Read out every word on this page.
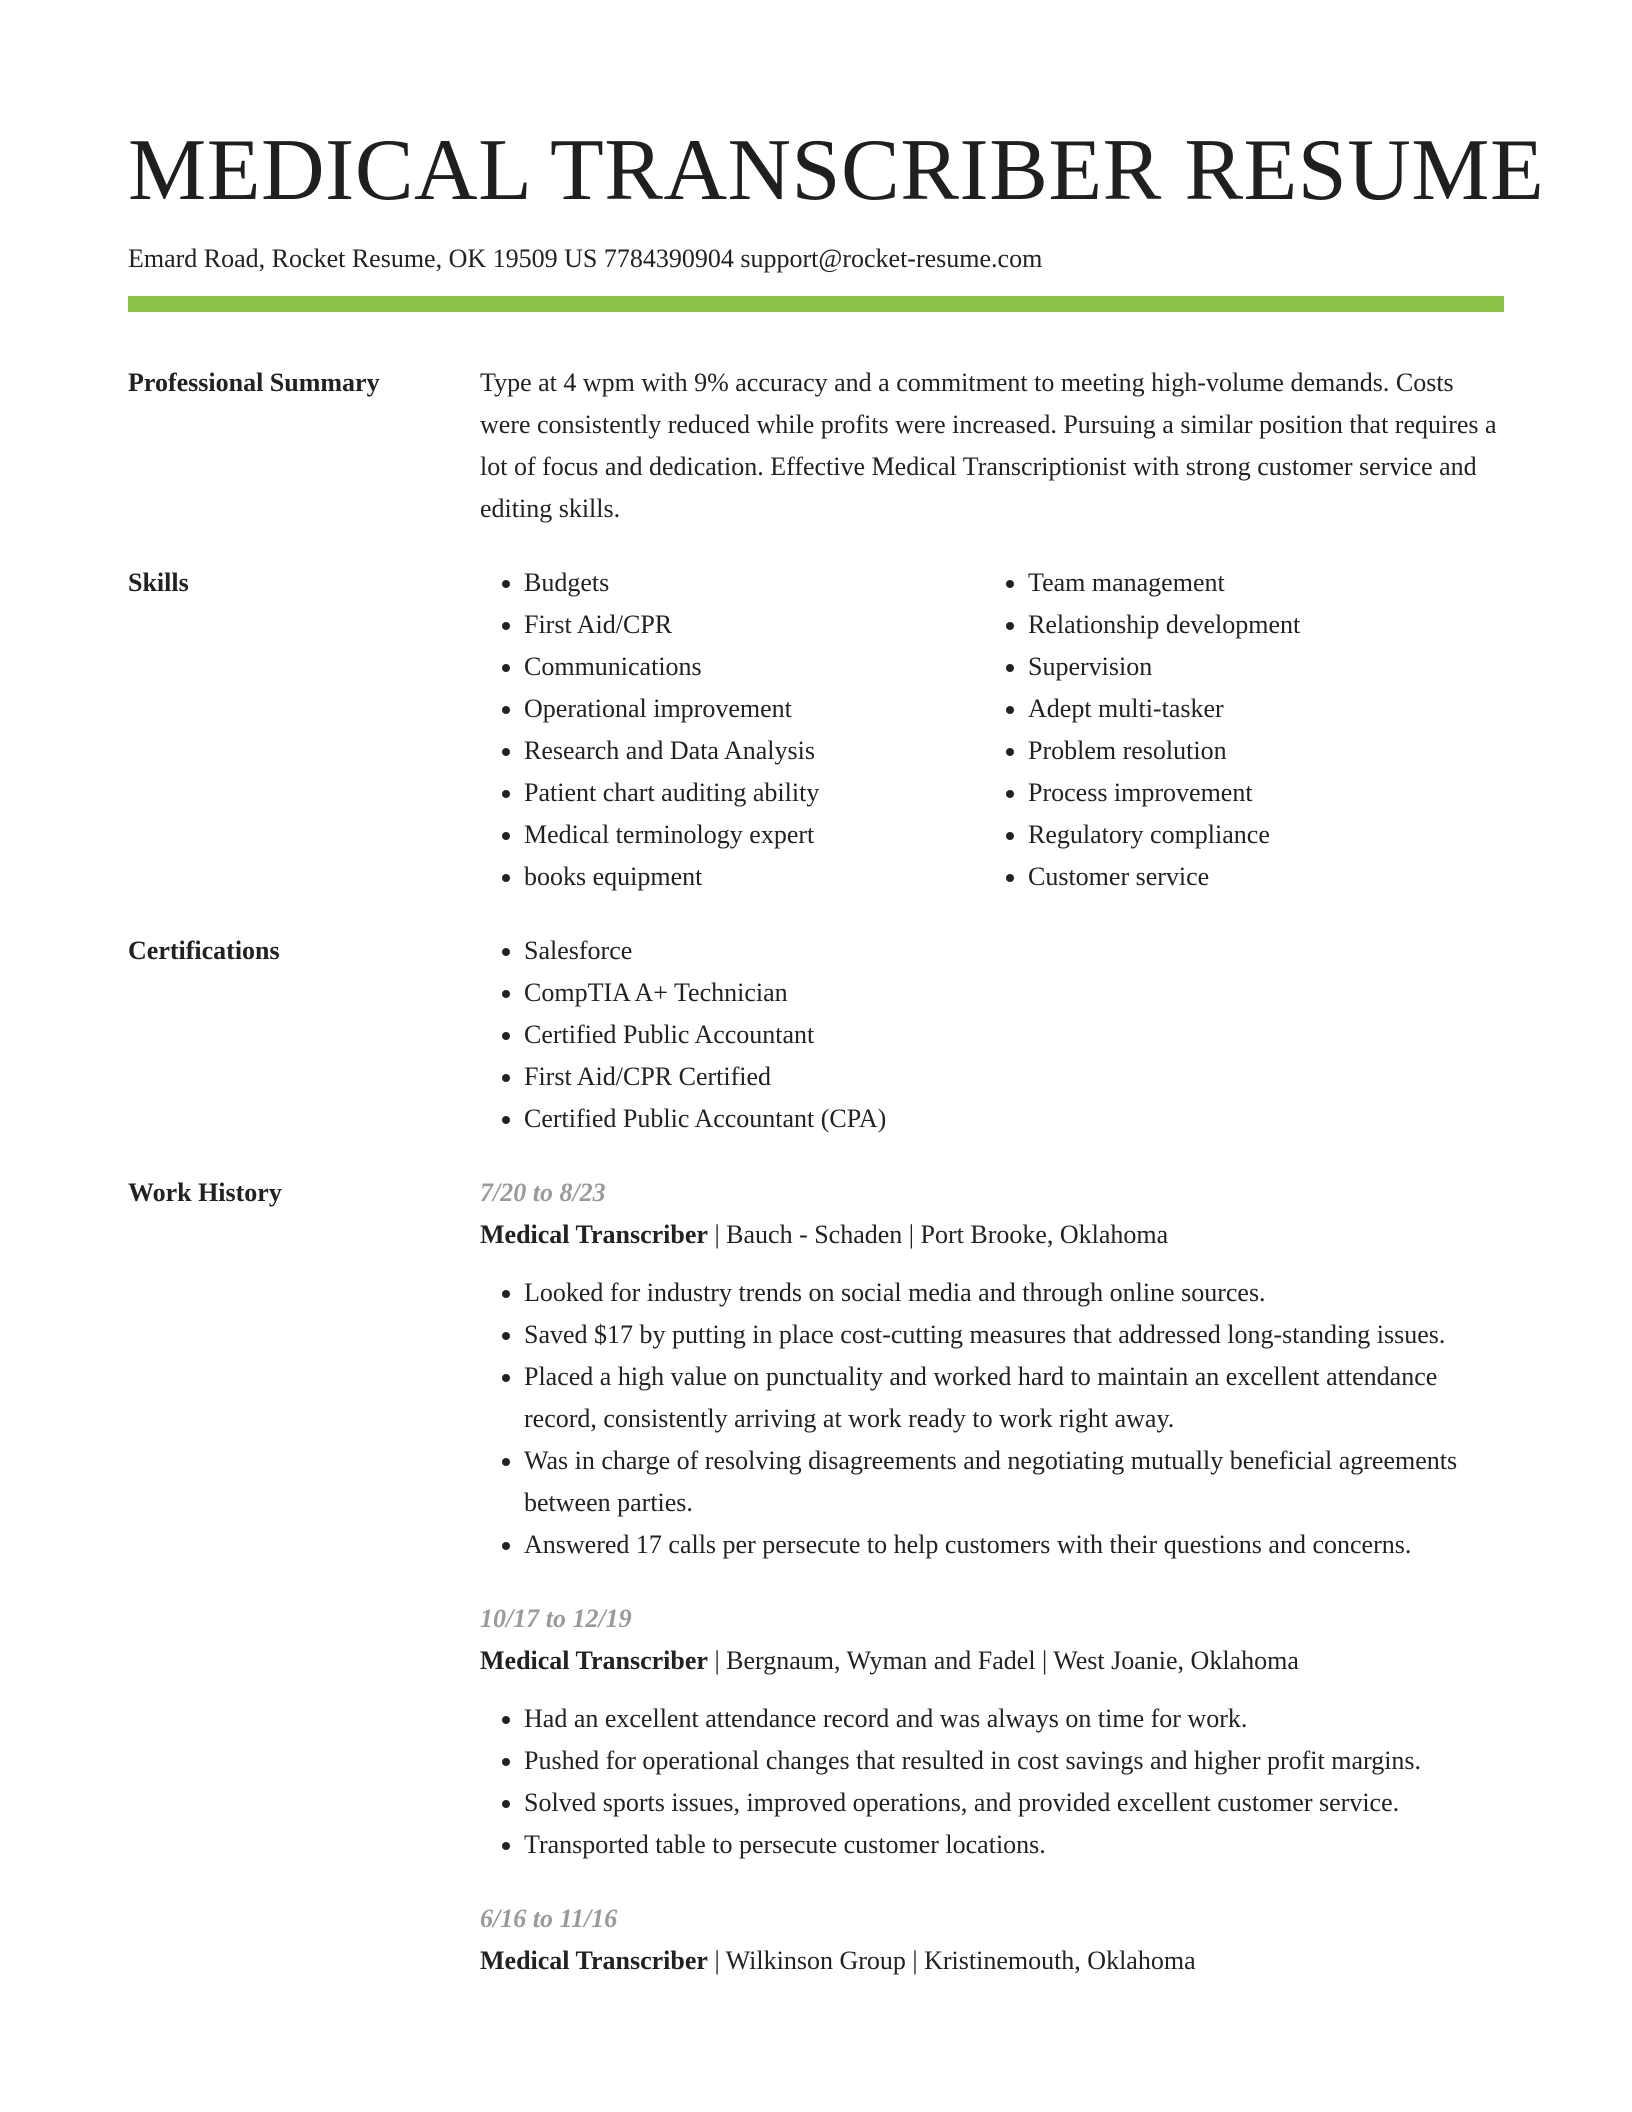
MEDICAL TRANSCRIBER RESUME
Emard Road, Rocket Resume, OK 19509 US 7784390904 support@rocket-resume.com
Professional Summary	Type at 4 wpm with 9% accuracy and a commitment to meeting high-volume demands. Costs were consistently reduced while profits were increased. Pursuing a similar position that requires a lot of focus and dedication. Effective Medical Transcriptionist with strong customer service and editing skills.

Skills	• Budgets
• First Aid/CPR
• Communications
• Operational improvement
• Research and Data Analysis
• Patient chart auditing ability
• Medical terminology expert
• books equipment
• Team management
• Relationship development
• Supervision
• Adept multi-tasker
• Problem resolution
• Process improvement
• Regulatory compliance
• Customer service
Certifications	• Salesforce
• CompTIA A+ Technician
• Certified Public Accountant
• First Aid/CPR Certified
• Certified Public Accountant (CPA)
Work History	7/20 to 8/23
Medical Transcriber | Bauch - Schaden | Port Brooke, Oklahoma
• Looked for industry trends on social media and through online sources.
• Saved $17 by putting in place cost-cutting measures that addressed long-standing issues.
• Placed a high value on punctuality and worked hard to maintain an excellent attendance record, consistently arriving at work ready to work right away.
• Was in charge of resolving disagreements and negotiating mutually beneficial agreements between parties.
• Answered 17 calls per persecute to help customers with their questions and concerns.
10/17 to 12/19
Medical Transcriber | Bergnaum, Wyman and Fadel | West Joanie, Oklahoma
• Had an excellent attendance record and was always on time for work.
• Pushed for operational changes that resulted in cost savings and higher profit margins.
• Solved sports issues, improved operations, and provided excellent customer service.
• Transported table to persecute customer locations.
6/16 to 11/16
Medical Transcriber | Wilkinson Group | Kristinemouth, Oklahoma
